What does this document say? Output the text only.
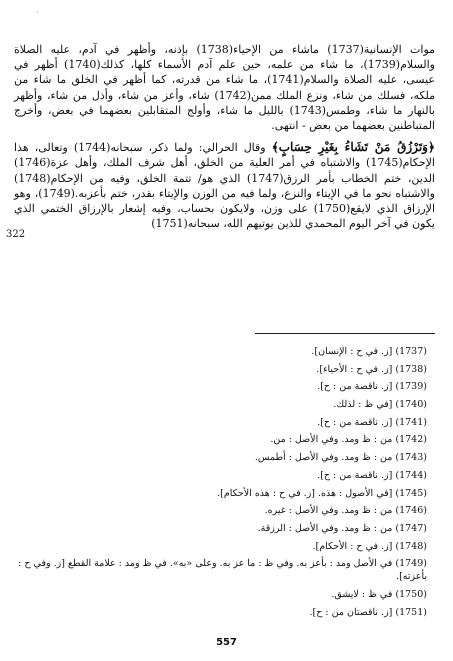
·

موات الإنسانية(1737) ماشاء من الإحياء(1738) بإذنه، وأظهر في آدم، عليه الصلاة والسلام(1739)، ما شاء من علمه، حين علم آدم الأسماء كلها، كذلك(1740) أظهر في عيسى، عليه الصلاة والسلام(1741)، ما شاء من قدرته، كما أظهر في الخلق ما شاء من ملكه، فسلك من شاء، ونزع الملك ممن(1742) شاء، وأعز من شاء، وأذل من شاء، وأظهر بالنهار ما شاء، وطمس(1743) بالليل ما شاء، وأولج المتقابلين بعضهما في بعض، وأخرج المتباطنين بعضهما من بعض - انتهى.

﴿وَتَرْزُقُ مَنْ تَشَاءُ بِغَيْرِ حِسَابٍ﴾ وقال الحرالي: ولما ذكر، سبحانه(1744) وتعالى، هذا الإحكام(1745) والاشتباه في أمر العلية من الخلق، أهل شرف الملك، وأهل عزة(1746) الدين، ختم الخطاب بأمر الرزق(1747) الذي هو/ تتمة الخلق، وفيه من الإحكام(1748) والاشتباه نحو ما في الإيتاء والنزع، ولما فيه من الوزن والإيتاء بقدر، ختم بأعزبه.(1749)، وهو الإرزاق الذي لايقع(1750) على وزن، ولايكون بحساب، وفيه إشعار بالإرزاق الختمي الذي يكون في آخر اليوم المحمدي للذين يوتيهم الله، سبحانه(1751)

322
(1737) [ز. في ح : الإنسان].
(1738) [ز. في ح : الأحياء].
(1739) [ز. ناقصة من : ح].
(1740) [في ظ : لذلك.
(1741) [ز. ناقصة من : ح].
(1742) من : ظ ومد. وفي الأصل : من.
(1743) من : ظ ومد. وفي الأصل : أطمس.
(1744) [ز. ناقصة من : ح].
(1745) [في الأصول : هذه. [ز. في ح : هذه الأحكام].
(1746) من : ظ ومد. وفي الأصل : غيره.
(1747) من : ظ ومد. وفي الأصل : الرزقة.
(1748) [ز. في ح : الأحكام].
(1749) في الأصل ومد : بأعز به. وفي ظ : ما عز به. وعلى «به». في ظ ومد : علامة القطع [ز. وفي ح : بأعزته].
(1750) في ظ : لايشق.
(1751) [ز. ناقصتان من : ح].
557
